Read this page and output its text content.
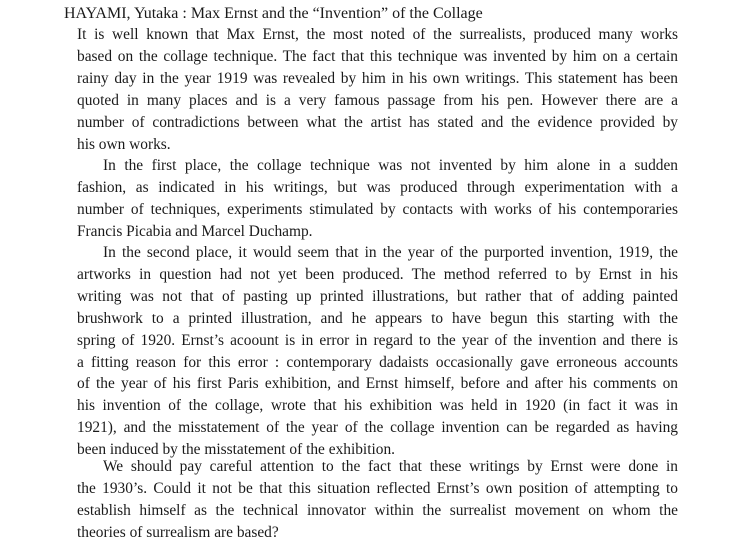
HAYAMI, Yutaka : Max Ernst and the “Invention” of the Collage

It is well known that Max Ernst, the most noted of the surrealists, produced many works
based on the collage technique. The fact that this technique was invented by him on a certain
rainy day in the year 1919 was revealed by him in his own writings. This statement has been
quoted in many places and is a very famous passage from his pen. However there are a
number of contradictions between what the artist has stated and the evidence provided by
his own works.

In the first place, the collage technique was not invented by him alone in a sudden
fashion, as indicated in his writings, but was produced through experimentation with a
number of techniques, experiments stimulated by contacts with works of his contemporaries
Francis Picabia and Marcel Duchamp.

In the second place, it would seem that in the year of the purported invention, 1919, the
artworks in question had not yet been produced. The method referred to by Ernst in his
writing was not that of pasting up printed illustrations, but rather that of adding painted
brushwork to a printed illustration, and he appears to have begun this starting with the
spring of 1920. Ernst’s acoount is in error in regard to the year of the invention and there is
a fitting reason for this error : contemporary dadaists occasionally gave erroneous accounts
of the year of his first Paris exhibition, and Ernst himself, before and after his comments on
his invention of the collage, wrote that his exhibition was held in 1920 (in fact it was in
1921), and the misstatement of the year of the collage invention can be regarded as having
been induced by the misstatement of the exhibition.

We should pay careful attention to the fact that these writings by Ernst were done in
the 1930’s. Could it not be that this situation reflected Ernst’s own position of attempting to
establish himself as the technical innovator within the surrealist movement on whom the
theories of surrealism are based?
